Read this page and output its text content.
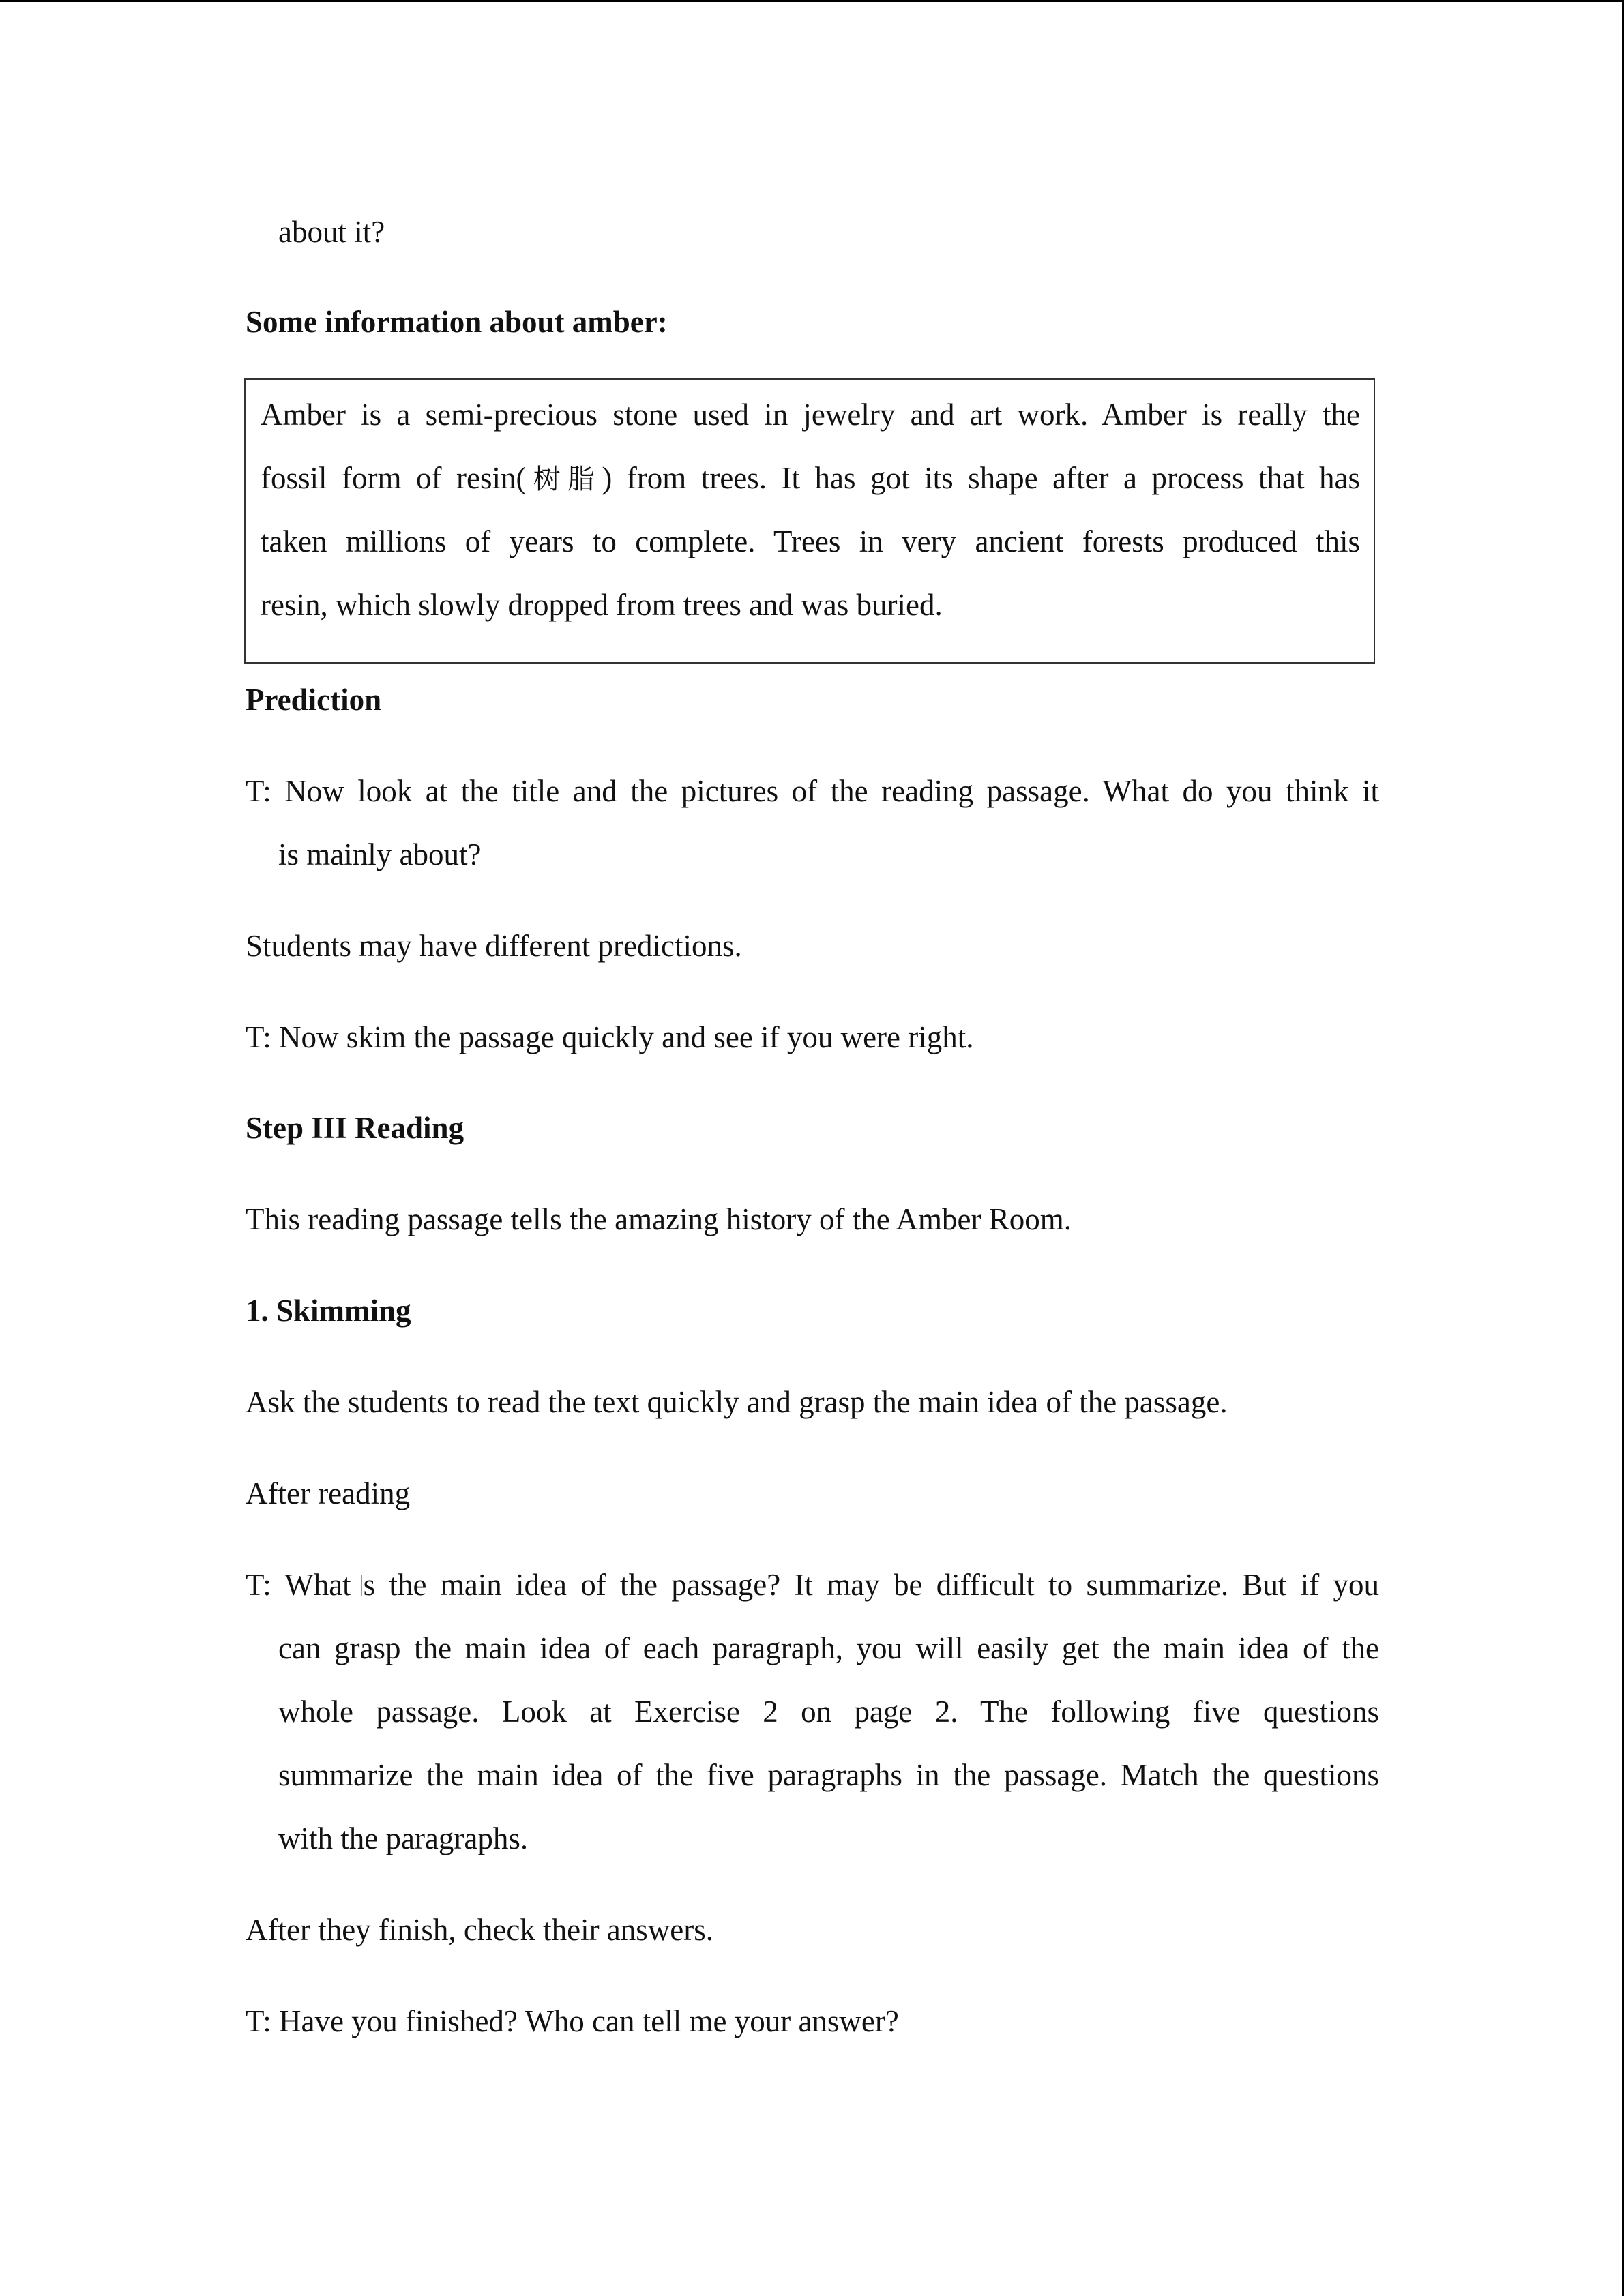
about it?
Some information about amber:
Amber is a semi-precious stone used in jewelry and art work. Amber is really the
fossil form of resin(树脂) from trees. It has got its shape after a process that has
taken millions of years to complete. Trees in very ancient forests produced this
resin, which slowly dropped from trees and was buried.
Prediction
T: Now look at the title and the pictures of the reading passage. What do you think it
is mainly about?
Students may have different predictions.
T: Now skim the passage quickly and see if you were right.
Step III Reading
This reading passage tells the amazing history of the Amber Room.
1. Skimming
Ask the students to read the text quickly and grasp the main idea of the passage.
After reading
T: What s the main idea of the passage? It may be difficult to summarize. But if you
can grasp the main idea of each paragraph, you will easily get the main idea of the
whole passage. Look at Exercise 2 on page 2. The following five questions
summarize the main idea of the five paragraphs in the passage. Match the questions
with the paragraphs.
After they finish, check their answers.
T: Have you finished? Who can tell me your answer?
